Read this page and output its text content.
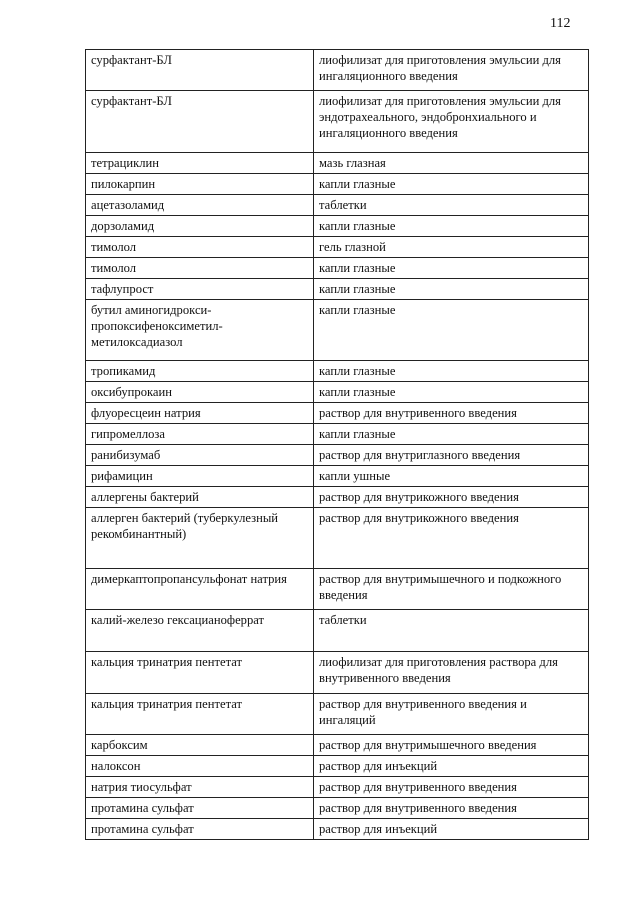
112
сурфактант-БЛ	лиофилизат для приготовления эмульсии для ингаляционного введения
сурфактант-БЛ	лиофилизат для приготовления эмульсии для эндотрахеального, эндобронхиального и ингаляционного введения
тетрациклин	мазь глазная
пилокарпин	капли глазные
ацетазоламид	таблетки
дорзоламид	капли глазные
тимолол	гель глазной
тимолол	капли глазные
тафлупрост	капли глазные
бутил аминогидрокси-пропоксифеноксиметил-метилоксадиазол	капли глазные
тропикамид	капли глазные
оксибупрокаин	капли глазные
флуоресцеин натрия	раствор для внутривенного введения
гипромеллоза	капли глазные
ранибизумаб	раствор для внутриглазного введения
рифамицин	капли ушные
аллергены бактерий	раствор для внутрикожного введения
аллерген бактерий (туберкулезный рекомбинантный)	раствор для внутрикожного введения
димеркаптопропансульфонат натрия	раствор для внутримышечного и подкожного введения
калий-железо гексацианоферрат	таблетки
кальция тринатрия пентетат	лиофилизат для приготовления раствора для внутривенного введения
кальция тринатрия пентетат	раствор для внутривенного введения и ингаляций
карбоксим	раствор для внутримышечного введения
налоксон	раствор для инъекций
натрия тиосульфат	раствор для внутривенного введения
протамина сульфат	раствор для внутривенного введения
протамина сульфат	раствор для инъекций
